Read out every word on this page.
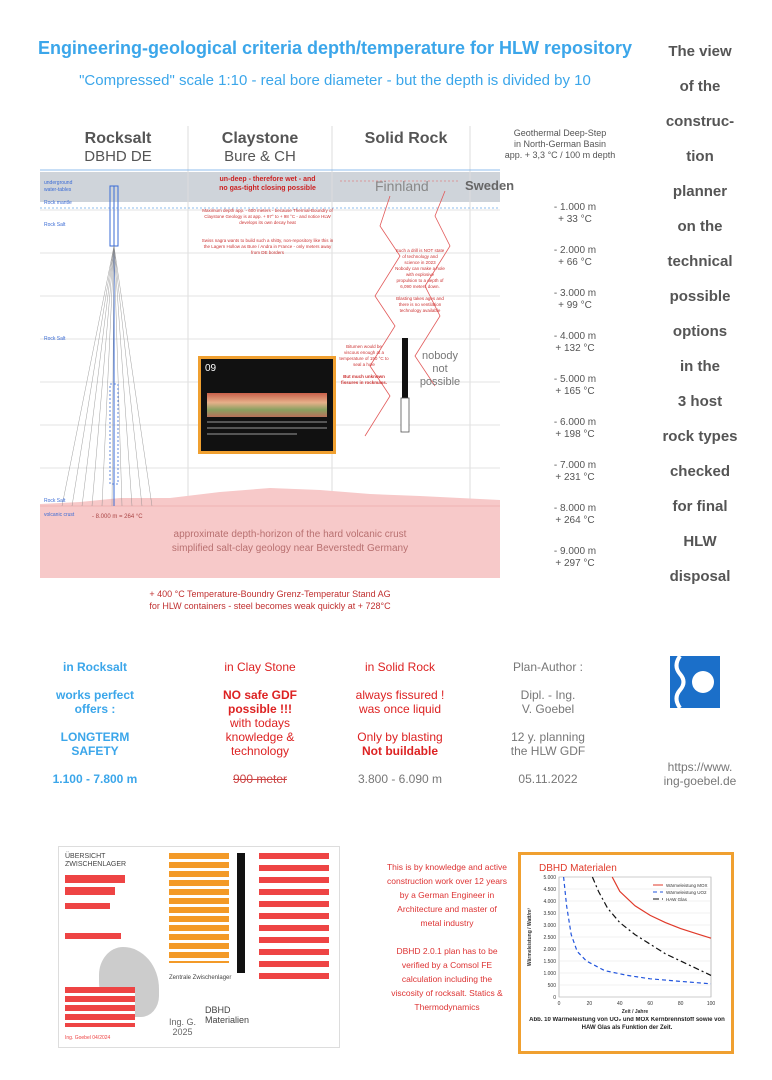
Engineering-geological criteria depth/temperature for HLW repository
"Compressed" scale 1:10 - real bore diameter - but the depth is divided by 10
The view
of the
construc-
tion
planner
on the
technical
possible
options
in the
3 host
rock types
checked
for final
HLW
disposal
Rocksalt
DBHD DE
Claystone
Bure & CH
Solid Rock	Geothermal Deep-Step
in North-German Basin
app. + 3,3 °C / 100 m depth
Finnland	Sweden
un-deep - therefore wet - and
no gas-tight closing possible
underground water-tables
Rock mantle
Rock Salt
Rock Salt
Rock Salt
volcanic crust	- 8.000 m = 264 °C
Maximum depth app. - 600 meters - because Thermal-Boundry of Claystone Geology is at app. + 97° to + 98 °C - and notice HLW develops its own decay heat
Swiss nagra wants to build such a shitty, non-repository like this in the Lagern Hollow as Bure / Andra in France - only meters away from DE borders	Such a drill is NOT state of technology and science in 2023
Nobody can make a hole with explosive propulsion to a depth of 6,090 meters down.
Blasting takes ages and there is no ventilation technology available
Bitumen would be viscous enough at a temperature of 150 °C to seal a hole
But much unknown fissures in rockmass.
nobody
not
possible
09
approximate depth-horizon of the hard volcanic crust
simplified salt-clay geology near Beverstedt Germany
- 1.000 m
+ 33 °C
- 2.000 m
+ 66 °C
- 3.000 m
+ 99 °C
- 4.000 m
+ 132 °C
- 5.000 m
+ 165 °C
- 6.000 m
+ 198 °C
- 7.000 m
+ 231 °C
- 8.000 m
+ 264 °C
- 9.000 m
+ 297 °C
+ 400 °C Temperature-Boundry Grenz-Temperatur Stand AG
for HLW containers - steel becomes weak quickly at + 728°C
in Rocksalt
works perfect
offers :
LONGTERM
SAFETY
1.100 - 7.800 m
in Clay Stone
NO safe GDF
possible !!!
with todays
knowledge &
technology
900 meter
in Solid Rock
always fissured !
was once liquid
Only by blasting
Not buildable
3.800 - 6.090 m
Plan-Author :
Dipl. - Ing.
V. Goebel
12 y. planning
the HLW GDF
05.11.2022
https://www.
ing-goebel.de
ÜBERSICHT
ZWISCHENLAGER
Zentrale Zwischenlager
DBHD
Materialien
Ing. G.
2025
Ing. Goebel 04/2024
This is by knowledge and active construction work over 12 years by a German Engineer in Architecture and master of metal industry

DBHD 2.0.1 plan has to be verified by a Comsol FE calculation including the viscosity of rocksalt. Statics & Thermodynamics
DBHD Materialen
0
500
1.000
1.500
2.000
2.500
3.000
3.500
4.000
4.500
5.000
0	20	40	60	80	100
Zeit / Jahre
Wärmeleistung / Watt/m³
Wärmeleistung MOX
Wärmeleistung UO2
HAW Glas
Abb. 10 Wärmeleistung von UO₂ und MOX Kernbrennstoff sowie von HAW Glas als Funktion der Zeit.
